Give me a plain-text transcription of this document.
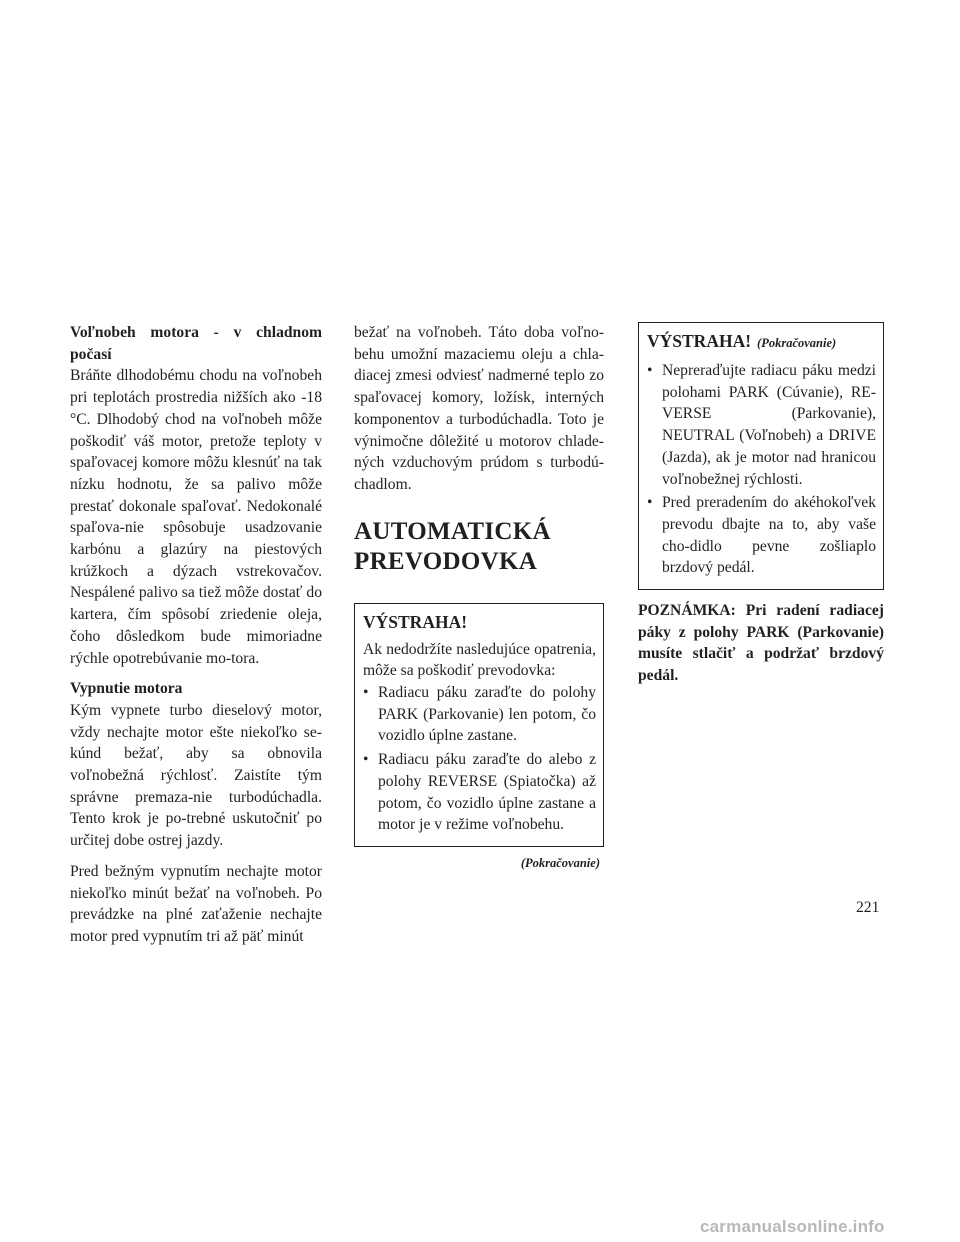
Voľnobeh motora - v chladnom počasí

Bráňte dlhodobému chodu na voľnobeh pri teplotách prostredia nižších ako -18 °C. Dlhodobý chod na voľnobeh môže poškodiť váš motor, pretože teploty v spaľovacej komore môžu klesnúť na tak nízku hodnotu, že sa palivo môže prestať dokonale spaľovať. Nedokonalé spaľova-nie spôsobuje usadzovanie karbónu a glazúry na piestových krúžkoch a dýzach vstrekovačov. Nespálené palivo sa tiež môže dostať do kartera, čím spôsobí zriedenie oleja, čoho dôsledkom bude mimoriadne rýchle opotrebúvanie mo-tora.

Vypnutie motora

Kým vypnete turbo dieselový motor, vždy nechajte motor ešte niekoľko se-kúnd bežať, aby sa obnovila voľnobežná rýchlosť. Zaistíte tým správne premaza-nie turbodúchadla. Tento krok je po-trebné uskutočniť po určitej dobe ostrej jazdy.

Pred bežným vypnutím nechajte motor niekoľko minút bežať na voľnobeh. Po prevádzke na plné zaťaženie nechajte motor pred vypnutím tri až päť minút

bežať na voľnobeh. Táto doba voľno-behu umožní mazaciemu oleju a chla-diacej zmesi odviesť nadmerné teplo zo spaľovacej komory, ložísk, interných komponentov a turbodúchadla. Toto je výnimočne dôležité u motorov chlade-ných vzduchovým prúdom s turbodú-chadlom.

AUTOMATICKÁ
PREVODOVKA
VÝSTRAHA!

Ak nedodržíte nasledujúce opatrenia, môže sa poškodiť prevodovka:

• Radiacu páku zaraďte do polohy PARK (Parkovanie) len potom, čo vozidlo úplne zastane.
• Radiacu páku zaraďte do alebo z polohy REVERSE (Spiatočka) až potom, čo vozidlo úplne zastane a motor je v režime voľnobehu.
(Pokračovanie)
VÝSTRAHA! (Pokračovanie)
• Nepreraďujte radiacu páku medzi polohami PARK (Cúvanie), RE-VERSE (Parkovanie), NEUTRAL (Voľnobeh) a DRIVE (Jazda), ak je motor nad hranicou voľnobežnej rýchlosti.
• Pred preradením do akéhokoľvek prevodu dbajte na to, aby vaše cho-didlo pevne zošliaplo brzdový pedál.

POZNÁMKA: Pri radení radiacej páky z polohy PARK (Parkovanie) musíte stlačiť a podržať brzdový pedál.

221
carmanualsonline.info
